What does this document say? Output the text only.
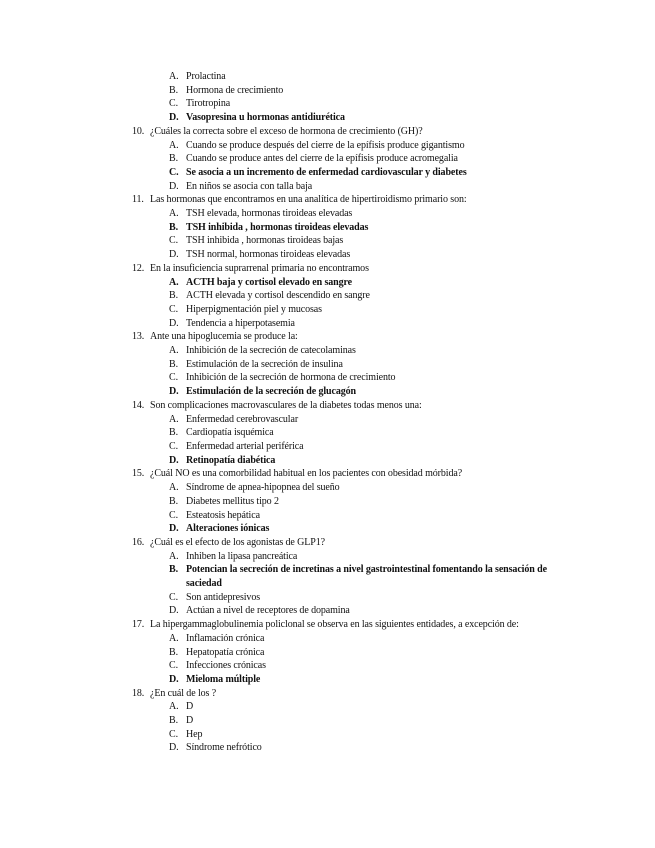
A. Prolactina
B. Hormona de crecimiento
C. Tirotropina
D. Vasopresina u hormonas antidiurética
10. ¿Cuáles la correcta sobre el exceso de hormona de crecimiento (GH)?
A. Cuando se produce después del cierre de la epífisis produce gigantismo
B. Cuando se produce antes del cierre de la epífisis produce acromegalia
C. Se asocia a un incremento de enfermedad cardiovascular y diabetes
D. En niños se asocia con talla baja
11. Las hormonas que encontramos en una analítica de hipertiroidismo primario son:
A. TSH elevada, hormonas tiroideas elevadas
B. TSH inhibida , hormonas tiroideas elevadas
C. TSH inhibida , hormonas tiroideas bajas
D. TSH normal, hormonas tiroideas elevadas
12. En la insuficiencia suprarrenal primaria no encontramos
A. ACTH baja y cortisol elevado en sangre
B. ACTH elevada y cortisol descendido en sangre
C. Hiperpigmentación piel y mucosas
D. Tendencia a hiperpotasemia
13. Ante una hipoglucemia se produce la:
A. Inhibición de la secreción de catecolaminas
B. Estimulación de la secreción de insulina
C. Inhibición de la secreción de hormona de crecimiento
D. Estimulación de la secreción de glucagón
14. Son complicaciones macrovasculares de la diabetes todas menos una:
A. Enfermedad cerebrovascular
B. Cardiopatía isquémica
C. Enfermedad arterial periférica
D. Retinopatía diabética
15. ¿Cuál NO es una comorbilidad habitual en los pacientes con obesidad mórbida?
A. Síndrome de apnea-hipopnea del sueño
B. Diabetes mellitus tipo 2
C. Esteatosis hepática
D. Alteraciones iónicas
16. ¿Cuál es el efecto de los agonistas de GLP1?
A. Inhiben la lipasa pancreática
B. Potencian la secreción de incretinas a nivel gastrointestinal fomentando la sensación de saciedad
C. Son antidepresivos
D. Actúan a nivel de receptores de dopamina
17. La hipergammaglobulinemia policlonal se observa en las siguientes entidades, a excepción de:
A. Inflamación crónica
B. Hepatopatía crónica
C. Infecciones crónicas
D. Mieloma múltiple
18. ¿En cuál de los ?
A. D
B. D
C. Hep
D. Síndrome nefrótico
